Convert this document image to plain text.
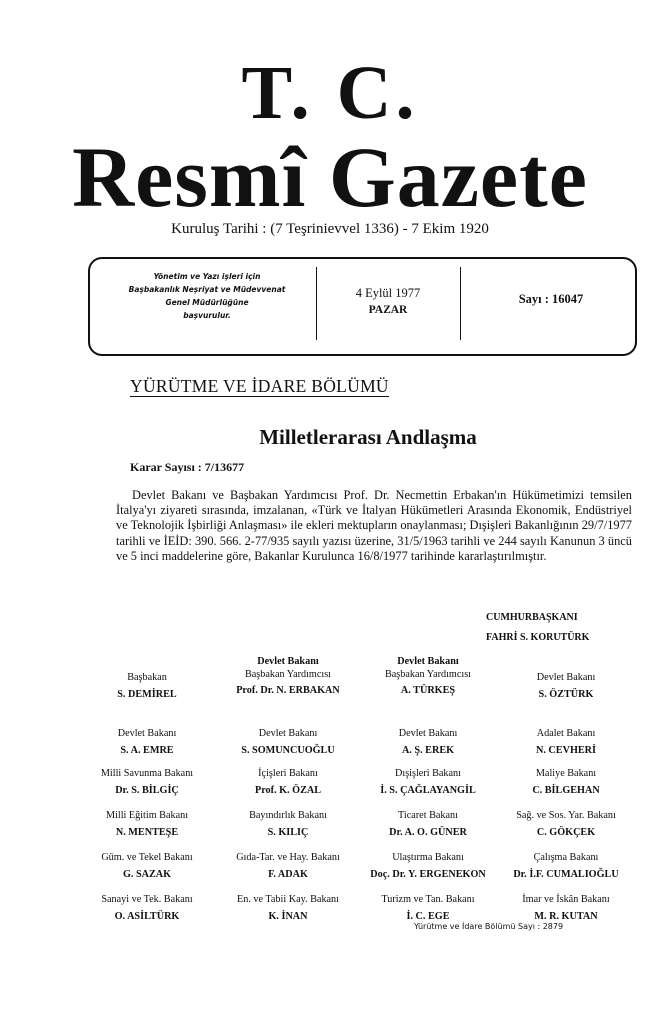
T. C.
Resmî Gazete
Kuruluş Tarihi : (7 Teşrinievvel 1336) - 7 Ekim 1920
Yönetim ve Yazı işleri için
Başbakanlık Neşriyat ve Müdevvenat
Genel Müdürlüğüne
başvurulur.
4 Eylül 1977
PAZAR
Sayı : 16047
YÜRÜTME VE İDARE BÖLÜMÜ
Milletlerarası Andlaşma
Karar Sayısı : 7/13677

Devlet Bakanı ve Başbakan Yardımcısı Prof. Dr. Necmettin Erbakan'ın Hükümetimizi temsilen İtalya'yı ziyareti sırasında, imzalanan, «Türk ve İtalyan Hükümetleri Arasında Ekonomik, Endüstriyel ve Teknolojik İşbirliği Anlaşması» ile ekleri mektupların onaylanması; Dışişleri Bakanlığının 29/7/1977 tarihli ve İEİD: 390. 566. 2-77/935 sayılı yazısı üzerine, 31/5/1963 tarihli ve 244 sayılı Kanunun 3 üncü ve 5 inci maddelerine göre, Bakanlar Kurulunca 16/8/1977 tarihinde kararlaştırılmıştır.

CUMHURBAŞKANI
FAHRİ S. KORUTÜRK
Başbakan
S. DEMİREL
Devlet Bakanı
Başbakan Yardımcısı
Prof. Dr. N. ERBAKAN
Devlet Bakanı
Başbakan Yardımcısı
A. TÜRKEŞ
Devlet Bakanı
S. ÖZTÜRK
Devlet Bakanı
S. A. EMRE
Devlet Bakanı
S. SOMUNCUOĞLU
Devlet Bakanı
A. Ş. EREK
Adalet Bakanı
N. CEVHERİ
Milli Savunma Bakanı
Dr. S. BİLGİÇ
İçişleri Bakanı
Prof. K. ÖZAL
Dışişleri Bakanı
İ. S. ÇAĞLAYANGİL
Maliye Bakanı
C. BİLGEHAN
Milli Eğitim Bakanı
N. MENTEŞE
Bayındırlık Bakanı
S. KILIÇ
Ticaret Bakanı
Dr. A. O. GÜNER
Sağ. ve Sos. Yar. Bakanı
C. GÖKÇEK
Güm. ve Tekel Bakanı
G. SAZAK
Gıda-Tar. ve Hay. Bakanı
F. ADAK
Ulaştırma Bakanı
Doç. Dr. Y. ERGENEKON
Çalışma Bakanı
Dr. İ.F. CUMALIOĞLU
Sanayi ve Tek. Bakanı
O. ASİLTÜRK
En. ve Tabii Kay. Bakanı
K. İNAN
Turizm ve Tan. Bakanı
İ. C. EGE
İmar ve İskân Bakanı
M. R. KUTAN
Yürütme ve İdare Bölümü Sayı : 2879
